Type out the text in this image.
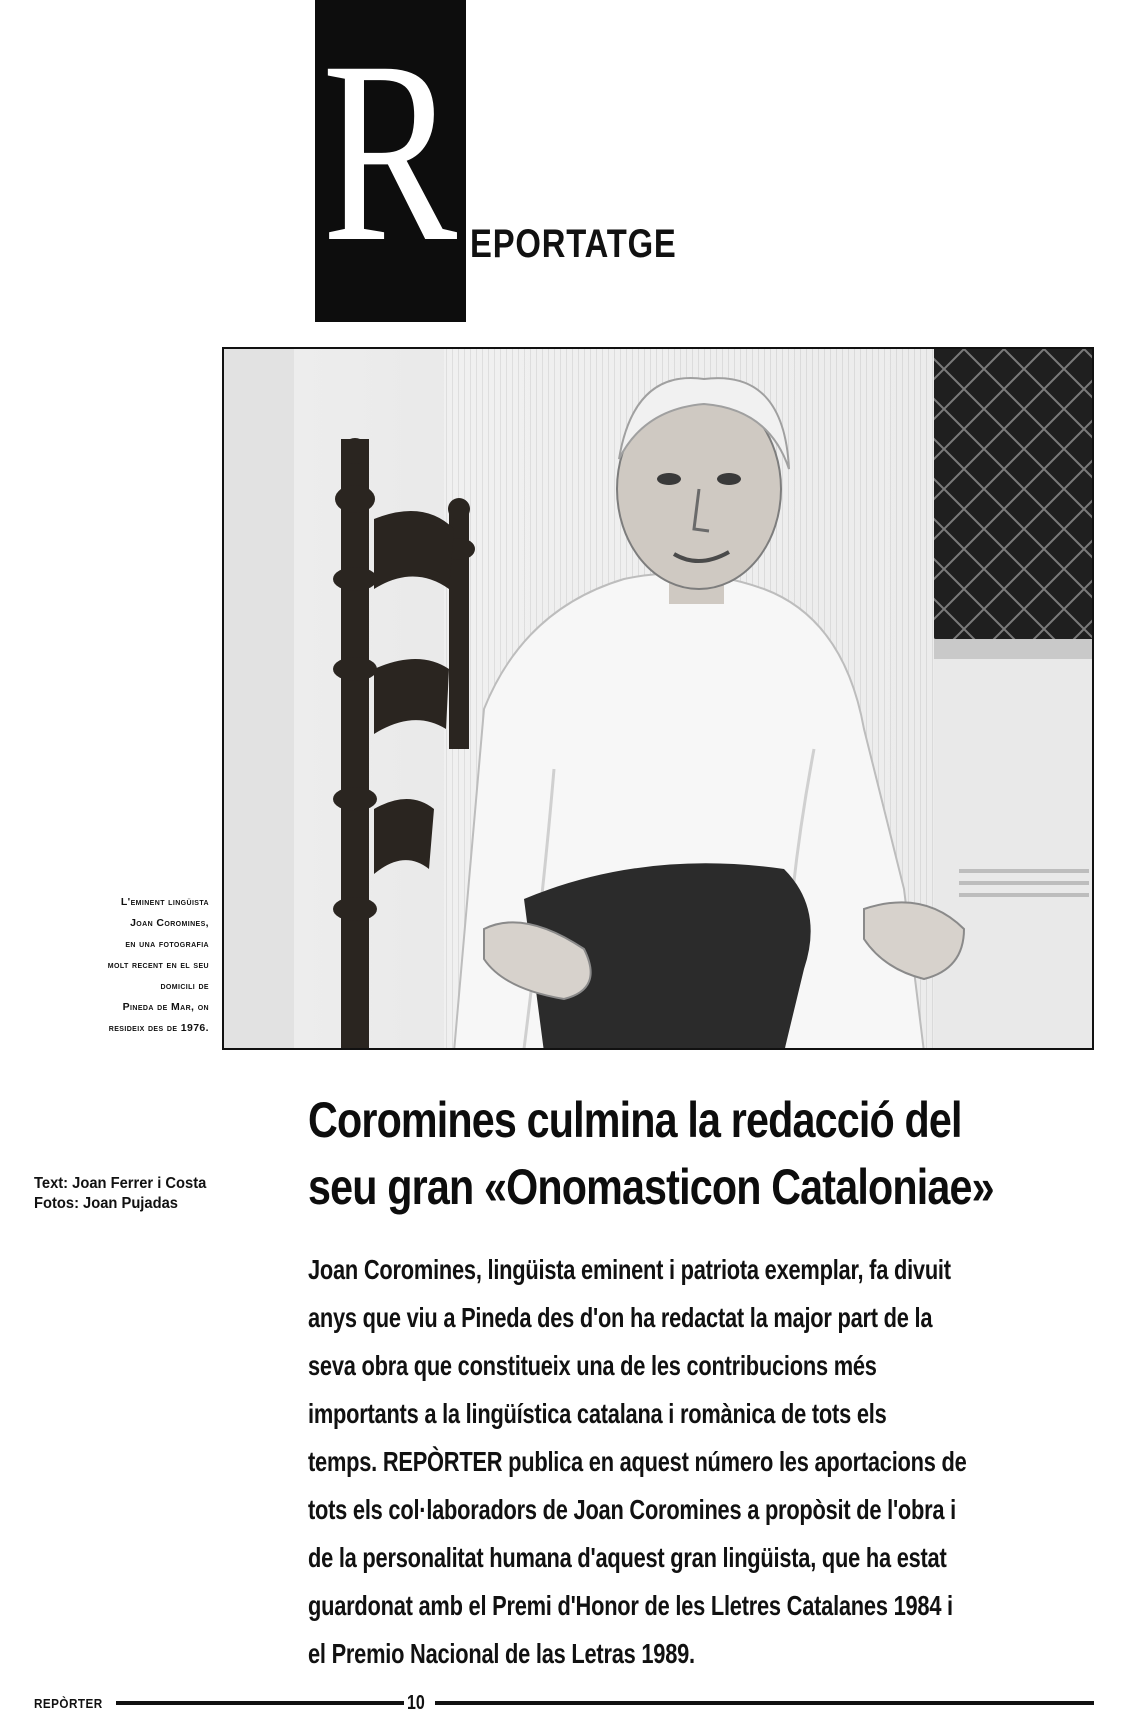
R EPORTATGE
L'eminent lingüista
Joan Coromines,
en una fotografia
molt recent en el seu
domicili de
Pineda de Mar, on
resideix des de 1976.
Text: Joan Ferrer i Costa
Fotos: Joan Pujadas
Coromines culmina la redacció del
seu gran «Onomasticon Cataloniae»
Joan Coromines, lingüista eminent i patriota exemplar, fa divuit
anys que viu a Pineda des d'on ha redactat la major part de la
seva obra que constitueix una de les contribucions més
importants a la lingüística catalana i romànica de tots els
temps. REPÒRTER publica en aquest número les aportacions de
tots els col·laboradors de Joan Coromines a propòsit de l'obra i
de la personalitat humana d'aquest gran lingüista, que ha estat
guardonat amb el Premi d'Honor de les Lletres Catalanes 1984 i
el Premio Nacional de las Letras 1989.
REPÒRTER	10
